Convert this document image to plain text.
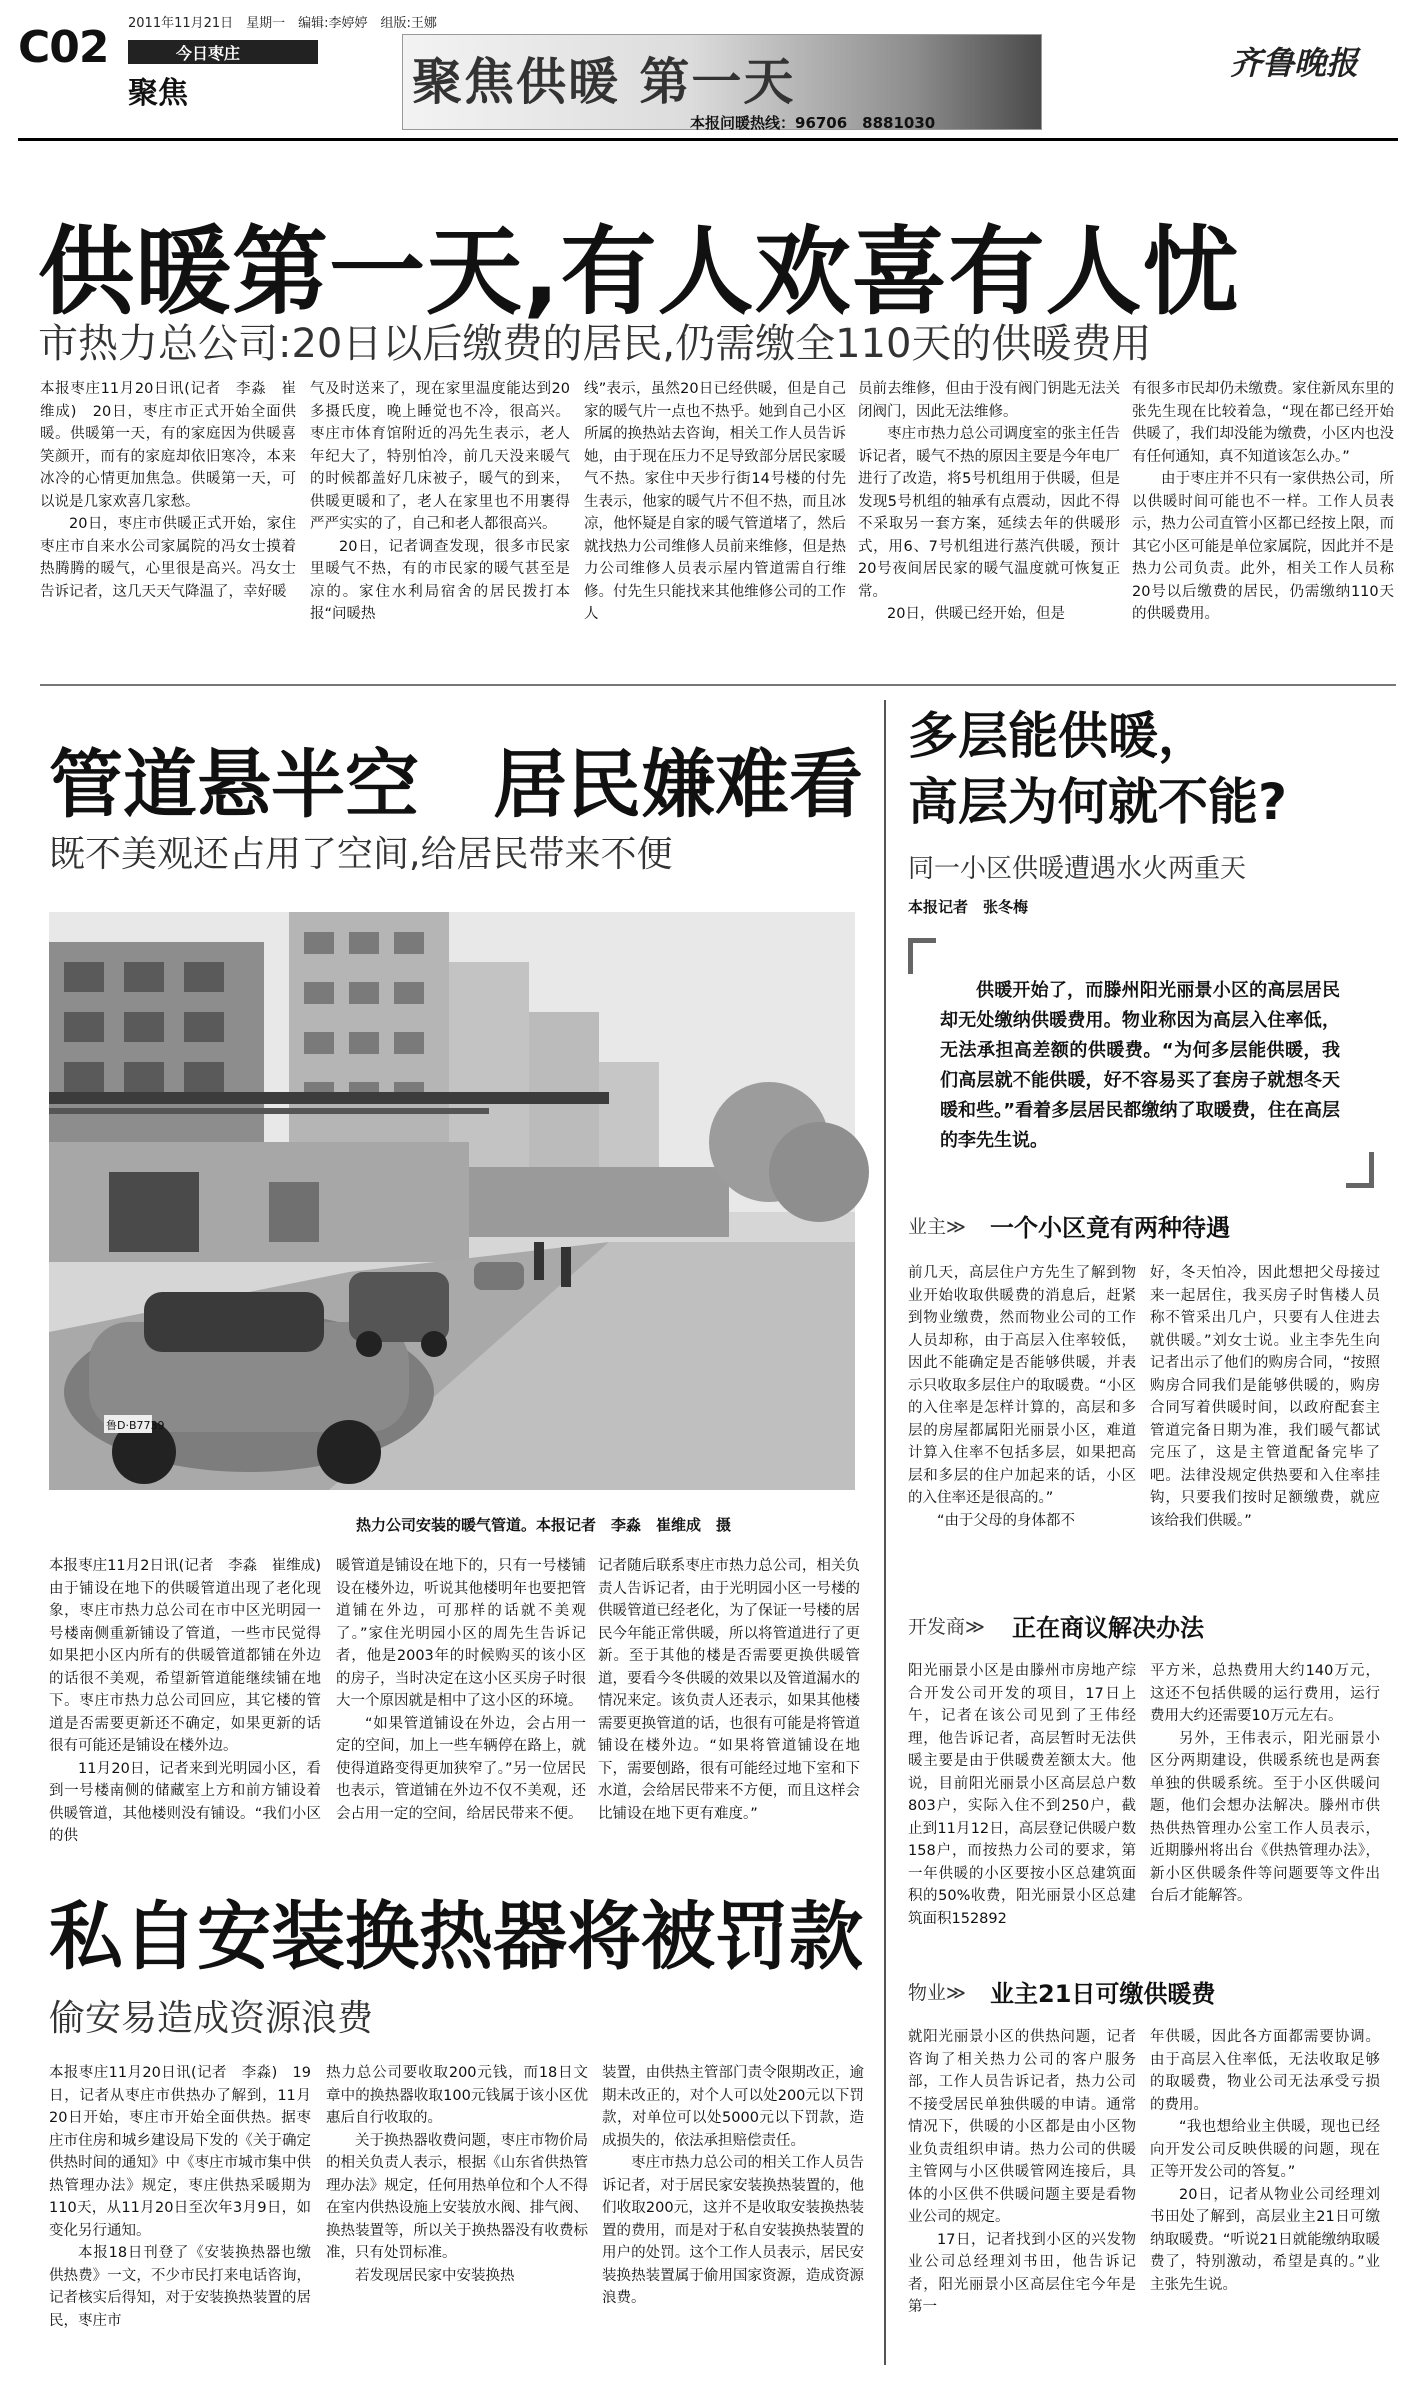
C02 2011年11月21日　星期一　编辑:李婷婷　组版:王娜
今日枣庄
聚焦	聚焦供暖 第一天
本报问暖热线：96706　8881030
齐鲁晚报
供暖第一天,有人欢喜有人忧
市热力总公司:20日以后缴费的居民,仍需缴全110天的供暖费用

本报枣庄11月20日讯(记者　李淼　崔维成)　20日，枣庄市正式开始全面供暖。供暖第一天，有的家庭因为供暖喜笑颜开，而有的家庭却依旧寒冷，本来冰冷的心情更加焦急。供暖第一天，可以说是几家欢喜几家愁。

20日，枣庄市供暖正式开始，家住枣庄市自来水公司家属院的冯女士摸着热腾腾的暖气，心里很是高兴。冯女士告诉记者，这几天天气降温了，幸好暖

气及时送来了，现在家里温度能达到20多摄氏度，晚上睡觉也不冷，很高兴。枣庄市体育馆附近的冯先生表示，老人年纪大了，特别怕冷，前几天没来暖气的时候都盖好几床被子，暖气的到来，供暖更暖和了，老人在家里也不用裹得严严实实的了，自己和老人都很高兴。

20日，记者调查发现，很多市民家里暖气不热，有的市民家的暖气甚至是凉的。家住水利局宿舍的居民拨打本报“问暖热

线”表示，虽然20日已经供暖，但是自己家的暖气片一点也不热乎。她到自己小区所属的换热站去咨询，相关工作人员告诉她，由于现在压力不足导致部分居民家暖气不热。家住中天步行街14号楼的付先生表示，他家的暖气片不但不热，而且冰凉，他怀疑是自家的暖气管道堵了，然后就找热力公司维修人员前来维修，但是热力公司维修人员表示屋内管道需自行维修。付先生只能找来其他维修公司的工作人

员前去维修，但由于没有阀门钥匙无法关闭阀门，因此无法维修。

枣庄市热力总公司调度室的张主任告诉记者，暖气不热的原因主要是今年电厂进行了改造，将5号机组用于供暖，但是发现5号机组的轴承有点震动，因此不得不采取另一套方案，延续去年的供暖形式，用6、7号机组进行蒸汽供暖，预计20号夜间居民家的暖气温度就可恢复正常。

20日，供暖已经开始，但是

有很多市民却仍未缴费。家住新凤东里的张先生现在比较着急，“现在都已经开始供暖了，我们却没能为缴费，小区内也没有任何通知，真不知道该怎么办。”

由于枣庄并不只有一家供热公司，所以供暖时间可能也不一样。工作人员表示，热力公司直管小区都已经按上限，而其它小区可能是单位家属院，因此并不是热力公司负责。此外，相关工作人员称20号以后缴费的居民，仍需缴纳110天的供暖费用。

管道悬半空　居民嫌难看
既不美观还占用了空间,给居民带来不便
鲁D·B7739
热力公司安装的暖气管道。本报记者　李淼　崔维成　摄

本报枣庄11月2日讯(记者　李淼　崔维成)　由于铺设在地下的供暖管道出现了老化现象，枣庄市热力总公司在市中区光明园一号楼南侧重新铺设了管道，一些市民觉得如果把小区内所有的供暖管道都铺在外边的话很不美观，希望新管道能继续铺在地下。枣庄市热力总公司回应，其它楼的管道是否需要更新还不确定，如果更新的话很有可能还是铺设在楼外边。

11月20日，记者来到光明园小区，看到一号楼南侧的储藏室上方和前方铺设着供暖管道，其他楼则没有铺设。“我们小区的供

暖管道是铺设在地下的，只有一号楼铺设在楼外边，听说其他楼明年也要把管道铺在外边，可那样的话就不美观了。”家住光明园小区的周先生告诉记者，他是2003年的时候购买的该小区的房子，当时决定在这小区买房子时很大一个原因就是相中了这小区的环境。

“如果管道铺设在外边，会占用一定的空间，加上一些车辆停在路上，就使得道路变得更加狭窄了。”另一位居民也表示，管道铺在外边不仅不美观，还会占用一定的空间，给居民带来不便。

记者随后联系枣庄市热力总公司，相关负责人告诉记者，由于光明园小区一号楼的供暖管道已经老化，为了保证一号楼的居民今年能正常供暖，所以将管道进行了更新。至于其他的楼是否需要更换供暖管道，要看今冬供暖的效果以及管道漏水的情况来定。该负责人还表示，如果其他楼需要更换管道的话，也很有可能是将管道铺设在楼外边。“如果将管道铺设在地下，需要刨路，很有可能经过地下室和下水道，会给居民带来不方便，而且这样会比铺设在地下更有难度。”

私自安装换热器将被罚款
偷安易造成资源浪费

本报枣庄11月20日讯(记者　李淼)　19日，记者从枣庄市供热办了解到，11月20日开始，枣庄市开始全面供热。据枣庄市住房和城乡建设局下发的《关于确定供热时间的通知》中《枣庄市城市集中供热管理办法》规定，枣庄供热采暖期为110天，从11月20日至次年3月9日，如变化另行通知。

本报18日刊登了《安装换热器也缴供热费》一文，不少市民打来电话咨询，记者核实后得知，对于安装换热装置的居民，枣庄市

热力总公司要收取200元钱，而18日文章中的换热器收取100元钱属于该小区优惠后自行收取的。

关于换热器收费问题，枣庄市物价局的相关负责人表示，根据《山东省供热管理办法》规定，任何用热单位和个人不得在室内供热设施上安装放水阀、排气阀、换热装置等，所以关于换热器没有收费标准，只有处罚标准。

若发现居民家中安装换热

装置，由供热主管部门责令限期改正，逾期未改正的，对个人可以处200元以下罚款，对单位可以处5000元以下罚款，造成损失的，依法承担赔偿责任。

枣庄市热力总公司的相关工作人员告诉记者，对于居民家安装换热装置的，他们收取200元，这并不是收取安装换热装置的费用，而是对于私自安装换热装置的用户的处罚。这个工作人员表示，居民安装换热装置属于偷用国家资源，造成资源浪费。

多层能供暖，
高层为何就不能?
同一小区供暖遭遇水火两重天
本报记者　张冬梅
供暖开始了，而滕州阳光丽景小区的高层居民却无处缴纳供暖费用。物业称因为高层入住率低，无法承担高差额的供暖费。“为何多层能供暖，我们高层就不能供暖，好不容易买了套房子就想冬天暖和些。”看着多层居民都缴纳了取暖费，住在高层的李先生说。
业主≫ 一个小区竟有两种待遇

前几天，高层住户方先生了解到物业开始收取供暖费的消息后，赶紧到物业缴费，然而物业公司的工作人员却称，由于高层入住率较低，因此不能确定是否能够供暖，并表示只收取多层住户的取暖费。“小区的入住率是怎样计算的，高层和多层的房屋都属阳光丽景小区，难道计算入住率不包括多层，如果把高层和多层的住户加起来的话，小区的入住率还是很高的。”

“由于父母的身体都不

好，冬天怕冷，因此想把父母接过来一起居住，我买房子时售楼人员称不管采出几户，只要有人住进去就供暖。”刘女士说。业主李先生向记者出示了他们的购房合同，“按照购房合同我们是能够供暖的，购房合同写着供暖时间，以政府配套主管道完备日期为准，我们暖气都试完压了，这是主管道配备完毕了吧。法律没规定供热要和入住率挂钩，只要我们按时足额缴费，就应该给我们供暖。”

开发商≫ 正在商议解决办法

阳光丽景小区是由滕州市房地产综合开发公司开发的项目，17日上午，记者在该公司见到了王伟经理，他告诉记者，高层暂时无法供暖主要是由于供暖费差额太大。他说，目前阳光丽景小区高层总户数803户，实际入住不到250户，截止到11月12日，高层登记供暖户数158户，而按热力公司的要求，第一年供暖的小区要按小区总建筑面积的50%收费，阳光丽景小区总建筑面积152892

平方米，总热费用大约140万元，这还不包括供暖的运行费用，运行费用大约还需要10万元左右。

另外，王伟表示，阳光丽景小区分两期建设，供暖系统也是两套单独的供暖系统。至于小区供暖问题，他们会想办法解决。滕州市供热供热管理办公室工作人员表示，近期滕州将出台《供热管理办法》，新小区供暖条件等问题要等文件出台后才能解答。

物业≫ 业主21日可缴供暖费

就阳光丽景小区的供热问题，记者咨询了相关热力公司的客户服务部，工作人员告诉记者，热力公司不接受居民单独供暖的申请。通常情况下，供暖的小区都是由小区物业负责组织申请。热力公司的供暖主管网与小区供暖管网连接后，具体的小区供不供暖问题主要是看物业公司的规定。

17日，记者找到小区的兴发物业公司总经理刘书田，他告诉记者，阳光丽景小区高层住宅今年是第一

年供暖，因此各方面都需要协调。由于高层入住率低，无法收取足够的取暖费，物业公司无法承受亏损的费用。

“我也想给业主供暖，现也已经向开发公司反映供暖的问题，现在正等开发公司的答复。”

20日，记者从物业公司经理刘书田处了解到，高层业主21日可缴纳取暖费。“听说21日就能缴纳取暖费了，特别激动，希望是真的。”业主张先生说。
